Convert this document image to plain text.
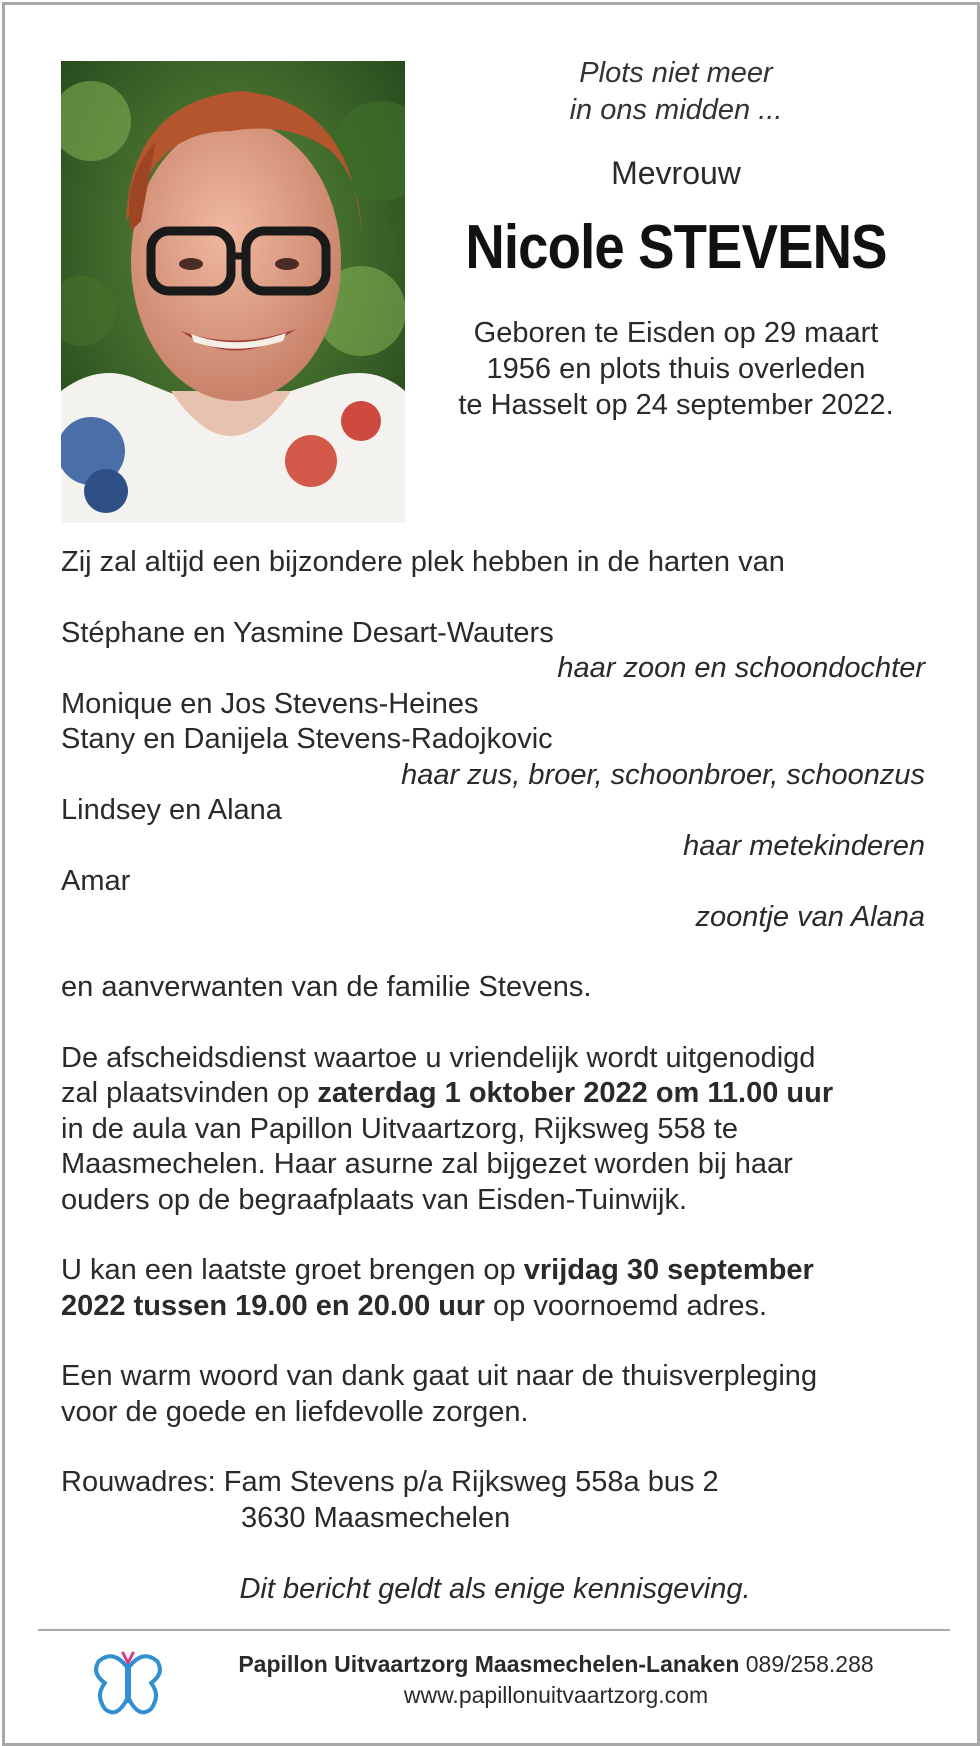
Plots niet meer
in ons midden ...
Mevrouw
Nicole STEVENS
Geboren te Eisden op 29 maart
1956 en plots thuis overleden
te Hasselt op 24 september 2022.
Zij zal altijd een bijzondere plek hebben in de harten van
Stéphane en Yasmine Desart-Wauters
haar zoon en schoondochter
Monique en Jos Stevens-Heines
Stany en Danijela Stevens-Radojkovic
haar zus, broer, schoonbroer, schoonzus
Lindsey en Alana
haar metekinderen
Amar
zoontje van Alana
en aanverwanten van de familie Stevens.
De afscheidsdienst waartoe u vriendelijk wordt uitgenodigd
zal plaatsvinden op zaterdag 1 oktober 2022 om 11.00 uur
in de aula van Papillon Uitvaartzorg, Rijksweg 558 te
Maasmechelen. Haar asurne zal bijgezet worden bij haar
ouders op de begraafplaats van Eisden-Tuinwijk.
U kan een laatste groet brengen op vrijdag 30 september
2022 tussen 19.00 en 20.00 uur op voornoemd adres.
Een warm woord van dank gaat uit naar de thuisverpleging
voor de goede en liefdevolle zorgen.
Rouwadres: Fam Stevens p/a Rijksweg 558a bus 2
3630 Maasmechelen
Dit bericht geldt als enige kennisgeving.
Papillon Uitvaartzorg Maasmechelen-Lanaken 089/258.288
www.papillonuitvaartzorg.com
